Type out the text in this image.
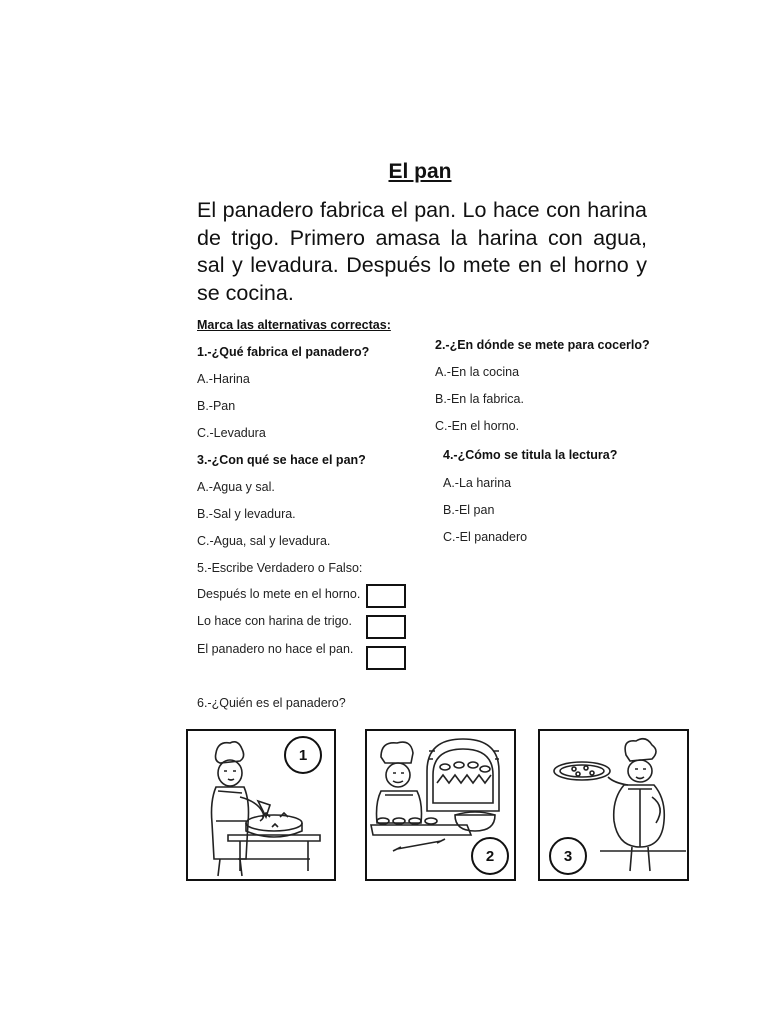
El pan
El panadero fabrica el pan. Lo hace con harina de trigo. Primero amasa la harina con agua, sal y levadura. Después lo mete en el horno y se cocina.
Marca las alternativas correctas:
1.-¿Qué fabrica el panadero?
A.-Harina
B.-Pan
C.-Levadura
2.-¿En dónde se mete para cocerlo?
A.-En la cocina
B.-En la fabrica.
C.-En el horno.
3.-¿Con qué se hace el pan?
A.-Agua y sal.
B.-Sal y levadura.
C.-Agua, sal y levadura.
4.-¿Cómo se titula la lectura?
A.-La harina
B.-El pan
C.-El panadero
5.-Escribe Verdadero o Falso:
Después lo mete en el horno.
Lo hace con harina de trigo.
El panadero no hace el pan.
6.-¿Quién es el panadero?
1
2	3
